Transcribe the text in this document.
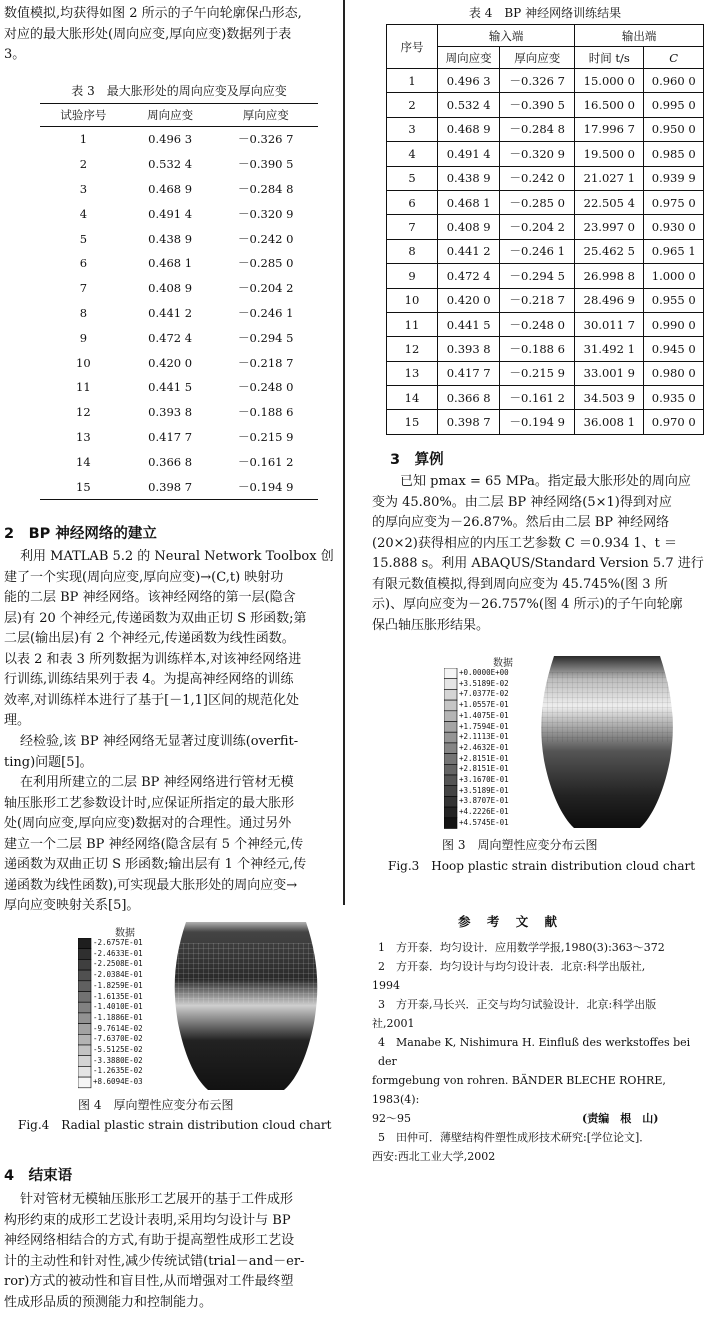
数值模拟,均获得如图 2 所示的子午向轮廓保凸形态,

对应的最大胀形处(周向应变,厚向应变)数据列于表

3。

表 3　最大胀形处的周向应变及厚向应变
试验序号	周向应变	厚向应变
1	0.496 3	－0.326 7
2	0.532 4	－0.390 5
3	0.468 9	－0.284 8
4	0.491 4	－0.320 9
5	0.438 9	－0.242 0
6	0.468 1	－0.285 0
7	0.408 9	－0.204 2
8	0.441 2	－0.246 1
9	0.472 4	－0.294 5
10	0.420 0	－0.218 7
11	0.441 5	－0.248 0
12	0.393 8	－0.188 6
13	0.417 7	－0.215 9
14	0.366 8	－0.161 2
15	0.398 7	－0.194 9
2　BP 神经网络的建立

利用 MATLAB 5.2 的 Neural Network Toolbox 创

建了一个实现(周向应变,厚向应变)→(C,t) 映射功

能的二层 BP 神经网络。该神经网络的第一层(隐含

层)有 20 个神经元,传递函数为双曲正切 S 形函数;第

二层(输出层)有 2 个神经元,传递函数为线性函数。

以表 2 和表 3 所列数据为训练样本,对该神经网络进

行训练,训练结果列于表 4。为提高神经网络的训练

效率,对训练样本进行了基于[－1,1]区间的规范化处

理。

经检验,该 BP 神经网络无显著过度训练(overfit-

ting)问题[5]。

在利用所建立的二层 BP 神经网络进行管材无模

轴压胀形工艺参数设计时,应保证所指定的最大胀形

处(周向应变,厚向应变)数据对的合理性。通过另外

建立一个二层 BP 神经网络(隐含层有 5 个神经元,传

递函数为双曲正切 S 形函数;输出层有 1 个神经元,传

递函数为线性函数),可实现最大胀形处的周向应变→

厚向应变映射关系[5]。

数据
-2.6757E-01
-2.4633E-01
-2.2508E-01
-2.0384E-01
-1.8259E-01
-1.6135E-01
-1.4010E-01
-1.1886E-01
-9.7614E-02
-7.6370E-02
-5.5125E-02
-3.3880E-02
-1.2635E-02
+8.6094E-03
图 4　厚向塑性应变分布云图
Fig.4　Radial plastic strain distribution cloud chart
4　结束语

针对管材无模轴压胀形工艺展开的基于工件成形

构形约束的成形工艺设计表明,采用均匀设计与 BP

神经网络相结合的方式,有助于提高塑性成形工艺设

计的主动性和针对性,减少传统试错(trial－and－er-

ror)方式的被动性和盲目性,从而增强对工件最终塑

性成形品质的预测能力和控制能力。

表 4　BP 神经网络训练结果
序号	输入端		输出端	
	周向应变	厚向应变	时间 t/s	C
1	0.496 3	－0.326 7	15.000 0	0.960 0
2	0.532 4	－0.390 5	16.500 0	0.995 0
3	0.468 9	－0.284 8	17.996 7	0.950 0
4	0.491 4	－0.320 9	19.500 0	0.985 0
5	0.438 9	－0.242 0	21.027 1	0.939 9
6	0.468 1	－0.285 0	22.505 4	0.975 0
7	0.408 9	－0.204 2	23.997 0	0.930 0
8	0.441 2	－0.246 1	25.462 5	0.965 1
9	0.472 4	－0.294 5	26.998 8	1.000 0
10	0.420 0	－0.218 7	28.496 9	0.955 0
11	0.441 5	－0.248 0	30.011 7	0.990 0
12	0.393 8	－0.188 6	31.492 1	0.945 0
13	0.417 7	－0.215 9	33.001 9	0.980 0
14	0.366 8	－0.161 2	34.503 9	0.935 0
15	0.398 7	－0.194 9	36.008 1	0.970 0
3　算例

已知 pmax = 65 MPa。指定最大胀形处的周向应

变为 45.80%。由二层 BP 神经网络(5×1)得到对应

的厚向应变为－26.87%。然后由二层 BP 神经网络

(20×2)获得相应的内压工艺参数 C ＝0.934 1、t ＝

15.888 s。利用 ABAQUS/Standard Version 5.7 进行

有限元数值模拟,得到周向应变为 45.745%(图 3 所

示)、厚向应变为－26.757%(图 4 所示)的子午向轮廓

保凸轴压胀形结果。

数据
+0.0000E+00
+3.5189E-02
+7.0377E-02
+1.0557E-01
+1.4075E-01
+1.7594E-01
+2.1113E-01
+2.4632E-01
+2.8151E-01
+2.8151E-01
+3.1670E-01
+3.5189E-01
+3.8707E-01
+4.2226E-01
+4.5745E-01
图 3　周向塑性应变分布云图
Fig.3　Hoop plastic strain distribution cloud chart
参 考 文 献

1　方开泰．均匀设计．应用数学学报,1980(3):363～372

2　方开泰．均匀设计与均匀设计表．北京:科学出版社,

1994

3　方开泰,马长兴．正交与均匀试验设计．北京:科学出版

社,2001

4　Manabe K, Nishimura H. Einfluß des werkstoffes bei der

formgebung von rohren. BÄNDER BLECHE ROHRE, 1983(4):

92～95

5　田仲可．薄壁结构件塑性成形技术研究:[学位论文]．

西安:西北工业大学,2002

(责编　根　山)
